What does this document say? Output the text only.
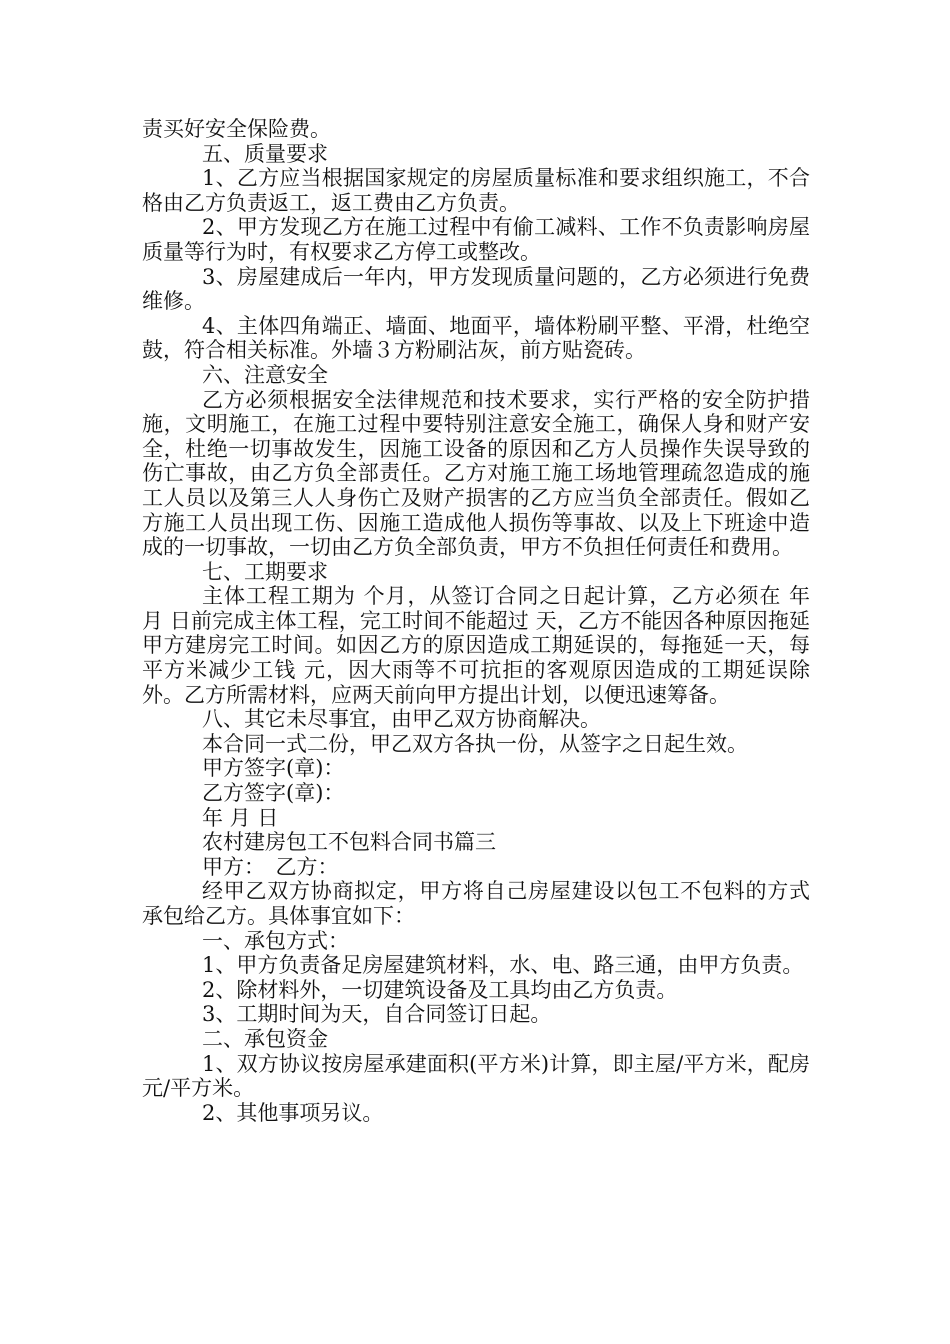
责买好安全保险费。

五、质量要求

1、乙方应当根据国家规定的房屋质量标准和要求组织施工，不合格由乙方负责返工，返工费由乙方负责。

2、甲方发现乙方在施工过程中有偷工减料、工作不负责影响房屋质量等行为时，有权要求乙方停工或整改。

3、房屋建成后一年内，甲方发现质量问题的，乙方必须进行免费维修。

4、主体四角端正、墙面、地面平，墙体粉刷平整、平滑，杜绝空鼓，符合相关标准。外墙３方粉刷沾灰，前方贴瓷砖。

六、注意安全

乙方必须根据安全法律规范和技术要求，实行严格的安全防护措施，文明施工，在施工过程中要特别注意安全施工，确保人身和财产安全，杜绝一切事故发生，因施工设备的原因和乙方人员操作失误导致的伤亡事故，由乙方负全部责任。乙方对施工施工场地管理疏忽造成的施工人员以及第三人人身伤亡及财产损害的乙方应当负全部责任。假如乙方施工人员出现工伤、因施工造成他人损伤等事故、以及上下班途中造成的一切事故，一切由乙方负全部负责，甲方不负担任何责任和费用。

七、工期要求

主体工程工期为 个月，从签订合同之日起计算，乙方必须在 年 月 日前完成主体工程，完工时间不能超过 天，乙方不能因各种原因拖延甲方建房完工时间。如因乙方的原因造成工期延误的，每拖延一天，每平方米减少工钱 元，因大雨等不可抗拒的客观原因造成的工期延误除外。乙方所需材料，应两天前向甲方提出计划，以便迅速筹备。

八、其它未尽事宜，由甲乙双方协商解决。

本合同一式二份，甲乙双方各执一份，从签字之日起生效。

甲方签字(章)：

乙方签字(章)：

年 月 日

农村建房包工不包料合同书篇三

甲方：　乙方：

经甲乙双方协商拟定，甲方将自己房屋建设以包工不包料的方式承包给乙方。具体事宜如下：

一、承包方式：

1、甲方负责备足房屋建筑材料，水、电、路三通，由甲方负责。

2、除材料外，一切建筑设备及工具均由乙方负责。

3、工期时间为天，自合同签订日起。

二、承包资金

1、双方协议按房屋承建面积(平方米)计算，即主屋/平方米，配房元/平方米。

2、其他事项另议。
